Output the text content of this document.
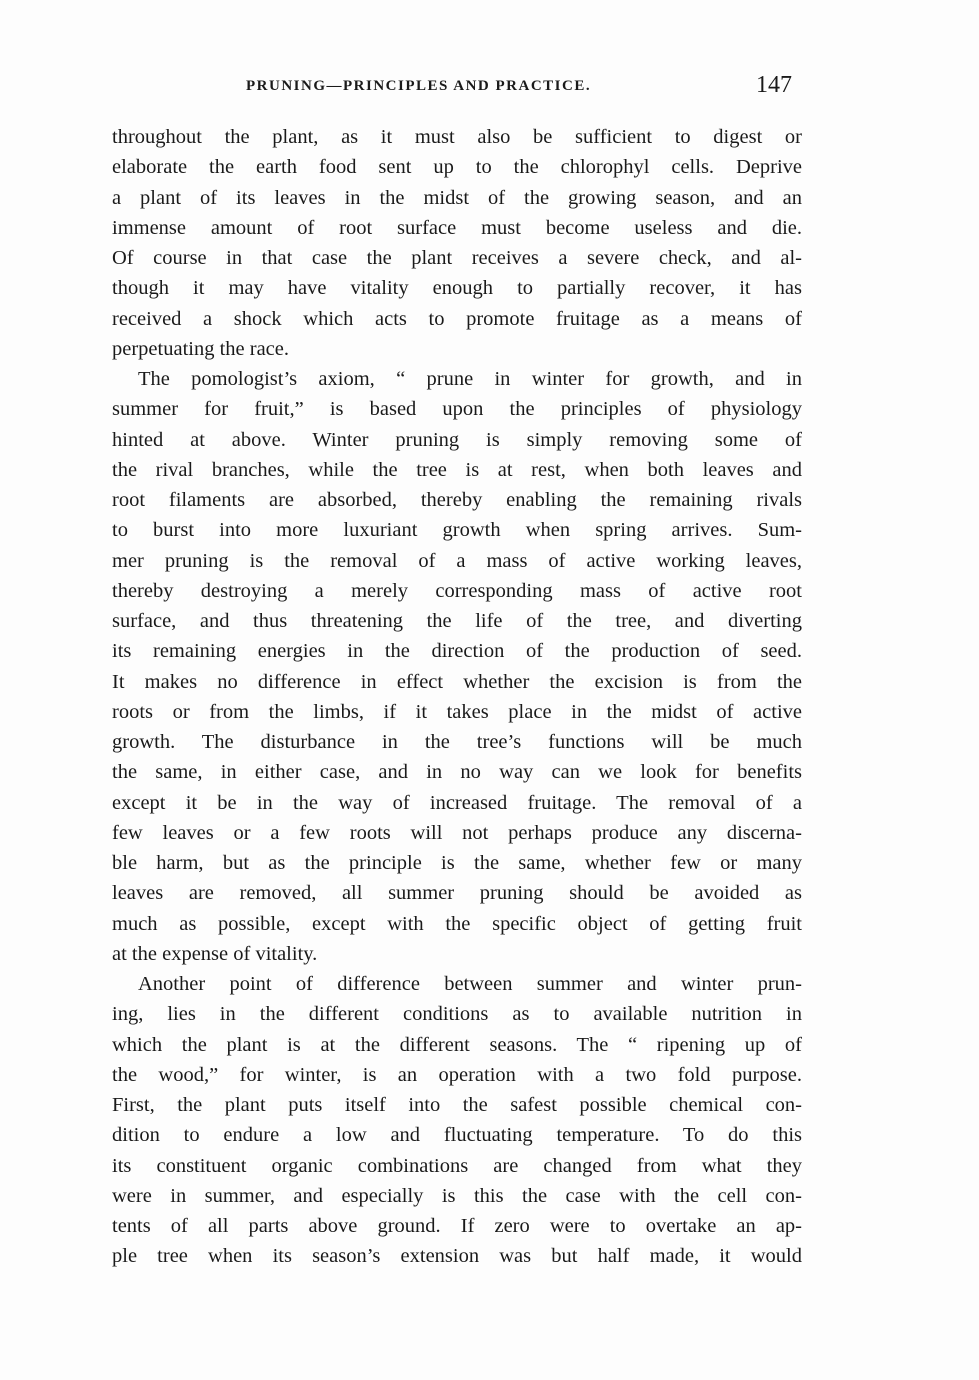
PRUNING—PRINCIPLES AND PRACTICE.	147
throughout the plant, as it must also be sufficient to digest or
elaborate the earth food sent up to the chlorophyl cells. Deprive
a plant of its leaves in the midst of the growing season, and an
immense amount of root surface must become useless and die.
Of course in that case the plant receives a severe check, and al-
though it may have vitality enough to partially recover, it has
received a shock which acts to promote fruitage as a means of
perpetuating the race.
The pomologist’s axiom, “ prune in winter for growth, and in
summer for fruit,” is based upon the principles of physiology
hinted at above. Winter pruning is simply removing some of
the rival branches, while the tree is at rest, when both leaves and
root filaments are absorbed, thereby enabling the remaining rivals
to burst into more luxuriant growth when spring arrives. Sum-
mer pruning is the removal of a mass of active working leaves,
thereby destroying a merely corresponding mass of active root
surface, and thus threatening the life of the tree, and diverting
its remaining energies in the direction of the production of seed.
It makes no difference in effect whether the excision is from the
roots or from the limbs, if it takes place in the midst of active
growth. The disturbance in the tree’s functions will be much
the same, in either case, and in no way can we look for benefits
except it be in the way of increased fruitage. The removal of a
few leaves or a few roots will not perhaps produce any discerna-
ble harm, but as the principle is the same, whether few or many
leaves are removed, all summer pruning should be avoided as
much as possible, except with the specific object of getting fruit
at the expense of vitality.
Another point of difference between summer and winter prun-
ing, lies in the different conditions as to available nutrition in
which the plant is at the different seasons. The “ ripening up of
the wood,” for winter, is an operation with a two fold purpose.
First, the plant puts itself into the safest possible chemical con-
dition to endure a low and fluctuating temperature. To do this
its constituent organic combinations are changed from what they
were in summer, and especially is this the case with the cell con-
tents of all parts above ground. If zero were to overtake an ap-
ple tree when its season’s extension was but half made, it would
